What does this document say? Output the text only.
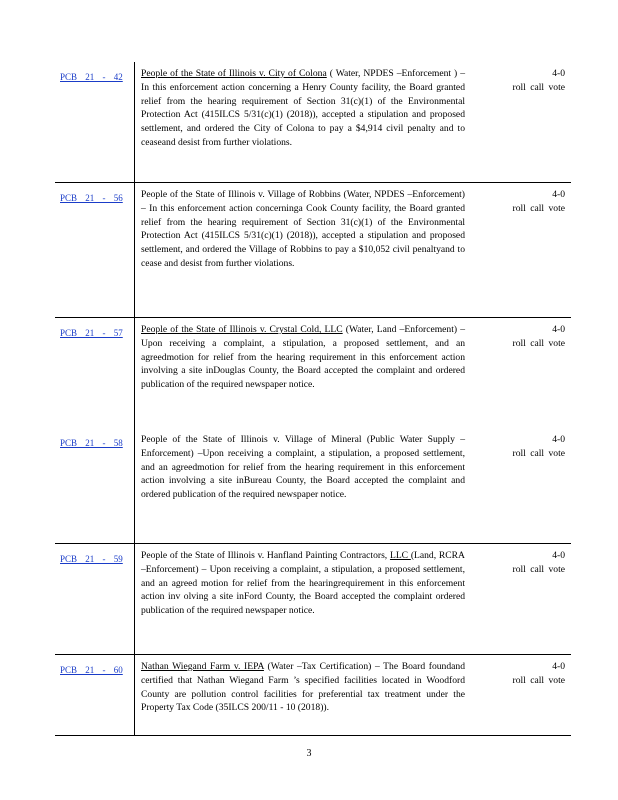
PCB 21 - 42	People of the State of Illinois v. City of Colona ( Water, NPDES –Enforcement ) – In this enforcement action concerning a Henry County facility, the Board granted relief from the hearing requirement of Section 31(c)(1) of the Environmental Protection Act (415ILCS 5/31(c)(1) (2018)), accepted a stipulation and proposed settlement, and ordered the City of Colona to pay a $4,914 civil penalty and to ceaseand desist from further violations.
4-0
roll call vote
PCB 21 - 56	People of the State of Illinois v. Village of Robbins (Water, NPDES –Enforcement) – In this enforcement action concerninga Cook County facility, the Board granted relief from the hearing requirement of Section 31(c)(1) of the Environmental Protection Act (415ILCS 5/31(c)(1) (2018)), accepted a stipulation and proposed settlement, and ordered the Village of Robbins to pay a $10,052 civil penaltyand to cease and desist from further violations.
4-0
roll call vote
PCB 21 - 57	People of the State of Illinois v. Crystal Cold, LLC (Water, Land –Enforcement) – Upon receiving a complaint, a stipulation, a proposed settlement, and an agreedmotion for relief from the hearing requirement in this enforcement action involving a site inDouglas County, the Board accepted the complaint and ordered publication of the required newspaper notice.
4-0
roll call vote
PCB 21 - 58	People of the State of Illinois v. Village of Mineral (Public Water Supply –Enforcement) –Upon receiving a complaint, a stipulation, a proposed settlement, and an agreedmotion for relief from the hearing requirement in this enforcement action involving a site inBureau County, the Board accepted the complaint and ordered publication of the required newspaper notice.
4-0
roll call vote
PCB 21 - 59	People of the State of Illinois v. Hanfland Painting Contractors, LLC (Land, RCRA –Enforcement) – Upon receiving a complaint, a stipulation, a proposed settlement, and an agreed motion for relief from the hearingrequirement in this enforcement action inv olving a site inFord County, the Board accepted the complaint ordered publication of the required newspaper notice.
4-0
roll call vote
PCB 21 - 60	Nathan Wiegand Farm v. IEPA (Water –Tax Certification) – The Board foundand certified that Nathan Wiegand Farm ’s specified facilities located in Woodford County are pollution control facilities for preferential tax treatment under the Property Tax Code (35ILCS 200/11 - 10 (2018)).
4-0
roll call vote
3
